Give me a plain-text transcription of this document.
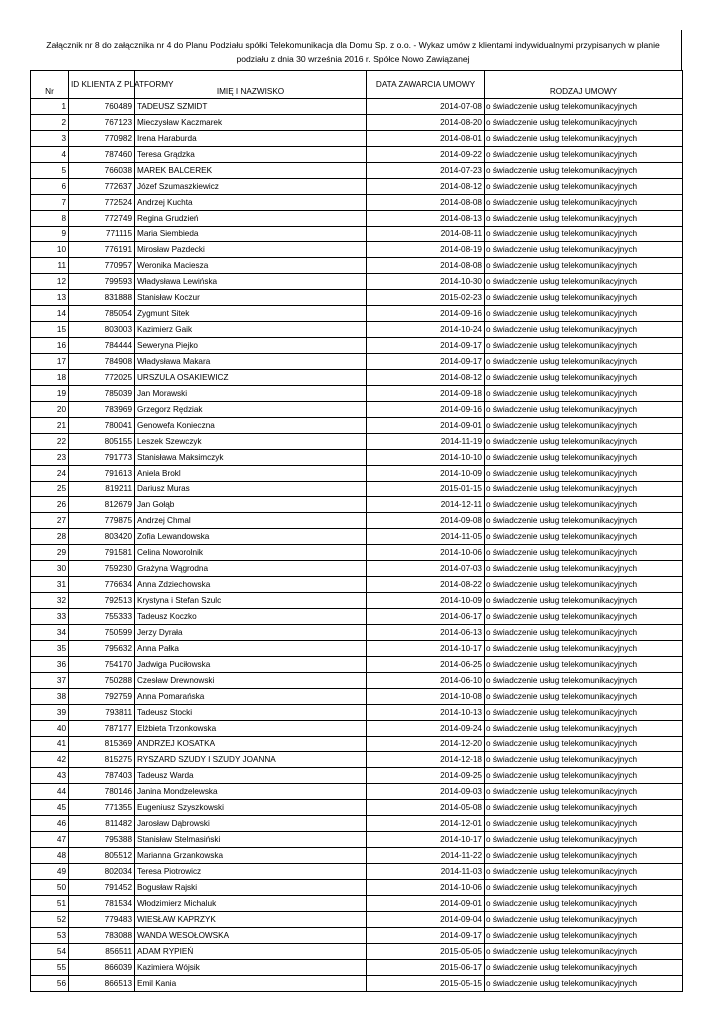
Załącznik nr 8 do załącznika nr 4 do Planu Podziału spółki Telekomunikacja dla Domu Sp. z o.o. - Wykaz umów z klientami indywidualnymi przypisanych w planie
podziału z dnia 30 września 2016 r. Spółce Nowo Zawiązanej
Nr	ID KLIENTA Z PLATFORMY	IMIĘ I NAZWISKO	DATA ZAWARCIA UMOWY	RODZAJ UMOWY
1	760489	TADEUSZ SZMIDT	2014-07-08	o świadczenie usług telekomunikacyjnych
2	767123	Mieczysław Kaczmarek	2014-08-20	o świadczenie usług telekomunikacyjnych
3	770982	Irena Haraburda	2014-08-01	o świadczenie usług telekomunikacyjnych
4	787460	Teresa Grądzka	2014-09-22	o świadczenie usług telekomunikacyjnych
5	766038	MAREK BALCEREK	2014-07-23	o świadczenie usług telekomunikacyjnych
6	772637	Józef Szumaszkiewicz	2014-08-12	o świadczenie usług telekomunikacyjnych
7	772524	Andrzej Kuchta	2014-08-08	o świadczenie usług telekomunikacyjnych
8	772749	Regina Grudzień	2014-08-13	o świadczenie usług telekomunikacyjnych
9	771115	Maria Siembieda	2014-08-11	o świadczenie usług telekomunikacyjnych
10	776191	Mirosław Pazdecki	2014-08-19	o świadczenie usług telekomunikacyjnych
11	770957	Weronika Maciesza	2014-08-08	o świadczenie usług telekomunikacyjnych
12	799593	Władysława Lewińska	2014-10-30	o świadczenie usług telekomunikacyjnych
13	831888	Stanisław Koczur	2015-02-23	o świadczenie usług telekomunikacyjnych
14	785054	Zygmunt Sitek	2014-09-16	o świadczenie usług telekomunikacyjnych
15	803003	Kazimierz Gaik	2014-10-24	o świadczenie usług telekomunikacyjnych
16	784444	Seweryna Piejko	2014-09-17	o świadczenie usług telekomunikacyjnych
17	784908	Władysława Makara	2014-09-17	o świadczenie usług telekomunikacyjnych
18	772025	URSZULA OSAKIEWICZ	2014-08-12	o świadczenie usług telekomunikacyjnych
19	785039	Jan Morawski	2014-09-18	o świadczenie usług telekomunikacyjnych
20	783969	Grzegorz Rędziak	2014-09-16	o świadczenie usług telekomunikacyjnych
21	780041	Genowefa Konieczna	2014-09-01	o świadczenie usług telekomunikacyjnych
22	805155	Leszek Szewczyk	2014-11-19	o świadczenie usług telekomunikacyjnych
23	791773	Stanisława Maksimczyk	2014-10-10	o świadczenie usług telekomunikacyjnych
24	791613	Aniela Brokl	2014-10-09	o świadczenie usług telekomunikacyjnych
25	819211	Dariusz Muras	2015-01-15	o świadczenie usług telekomunikacyjnych
26	812679	Jan Gołąb	2014-12-11	o świadczenie usług telekomunikacyjnych
27	779875	Andrzej Chmal	2014-09-08	o świadczenie usług telekomunikacyjnych
28	803420	Zofia Lewandowska	2014-11-05	o świadczenie usług telekomunikacyjnych
29	791581	Celina Noworolnik	2014-10-06	o świadczenie usług telekomunikacyjnych
30	759230	Grażyna Wągrodna	2014-07-03	o świadczenie usług telekomunikacyjnych
31	776634	Anna Zdziechowska	2014-08-22	o świadczenie usług telekomunikacyjnych
32	792513	Krystyna i Stefan Szulc	2014-10-09	o świadczenie usług telekomunikacyjnych
33	755333	Tadeusz Koczko	2014-06-17	o świadczenie usług telekomunikacyjnych
34	750599	Jerzy Dyrała	2014-06-13	o świadczenie usług telekomunikacyjnych
35	795632	Anna Pałka	2014-10-17	o świadczenie usług telekomunikacyjnych
36	754170	Jadwiga Puciłowska	2014-06-25	o świadczenie usług telekomunikacyjnych
37	750288	Czesław Drewnowski	2014-06-10	o świadczenie usług telekomunikacyjnych
38	792759	Anna Pomarańska	2014-10-08	o świadczenie usług telekomunikacyjnych
39	793811	Tadeusz Stocki	2014-10-13	o świadczenie usług telekomunikacyjnych
40	787177	Elżbieta Trzonkowska	2014-09-24	o świadczenie usług telekomunikacyjnych
41	815369	ANDRZEJ KOSATKA	2014-12-20	o świadczenie usług telekomunikacyjnych
42	815275	RYSZARD SZUDY I SZUDY JOANNA	2014-12-18	o świadczenie usług telekomunikacyjnych
43	787403	Tadeusz Warda	2014-09-25	o świadczenie usług telekomunikacyjnych
44	780146	Janina Mondzelewska	2014-09-03	o świadczenie usług telekomunikacyjnych
45	771355	Eugeniusz Szyszkowski	2014-05-08	o świadczenie usług telekomunikacyjnych
46	811482	Jarosław Dąbrowski	2014-12-01	o świadczenie usług telekomunikacyjnych
47	795388	Stanisław Stelmasiński	2014-10-17	o świadczenie usług telekomunikacyjnych
48	805512	Marianna Grzankowska	2014-11-22	o świadczenie usług telekomunikacyjnych
49	802034	Teresa Piotrowicz	2014-11-03	o świadczenie usług telekomunikacyjnych
50	791452	Bogusław Rajski	2014-10-06	o świadczenie usług telekomunikacyjnych
51	781534	Włodzimierz Michaluk	2014-09-01	o świadczenie usług telekomunikacyjnych
52	779483	WIESŁAW KAPRZYK	2014-09-04	o świadczenie usług telekomunikacyjnych
53	783088	WANDA WESOŁOWSKA	2014-09-17	o świadczenie usług telekomunikacyjnych
54	856511	ADAM RYPIEŃ	2015-05-05	o świadczenie usług telekomunikacyjnych
55	866039	Kazimiera Wójsik	2015-06-17	o świadczenie usług telekomunikacyjnych
56	866513	Emil Kania	2015-05-15	o świadczenie usług telekomunikacyjnych
